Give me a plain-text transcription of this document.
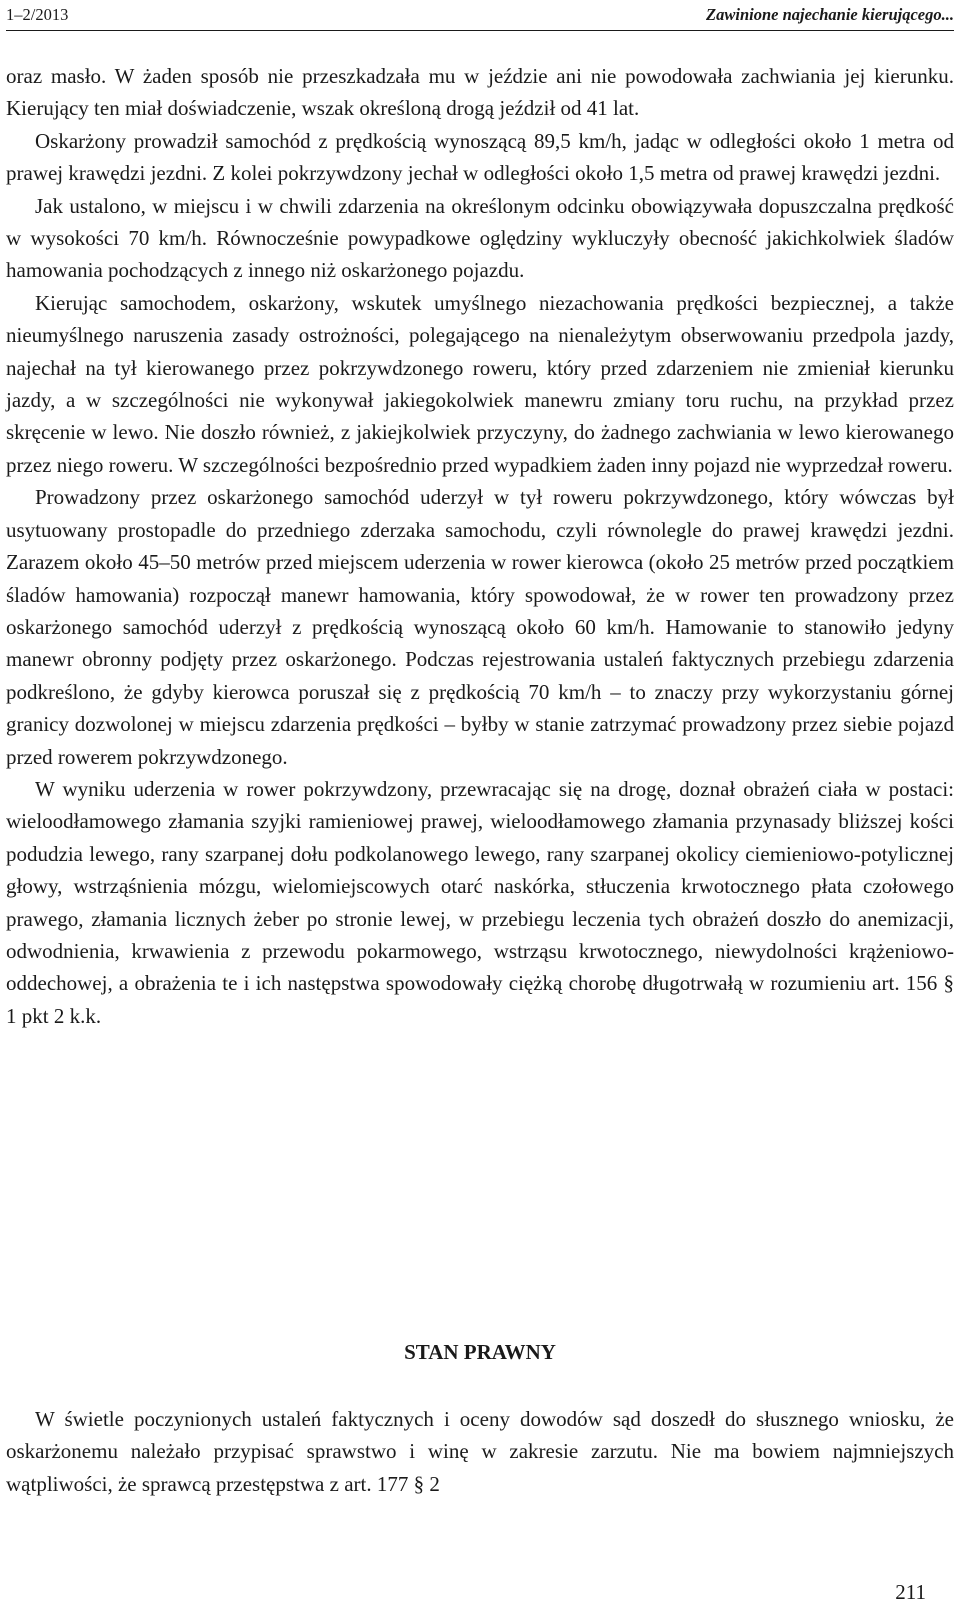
1–2/2013	Zawinione najechanie kierującego...

oraz masło. W żaden sposób nie przeszkadzała mu w jeździe ani nie powodowała zachwiania jej kierunku. Kierujący ten miał doświadczenie, wszak określoną drogą jeździł od 41 lat.

Oskarżony prowadził samochód z prędkością wynoszącą 89,5 km/h, jadąc w odległości około 1 metra od prawej krawędzi jezdni. Z kolei pokrzywdzony jechał w odległości około 1,5 metra od prawej krawędzi jezdni.

Jak ustalono, w miejscu i w chwili zdarzenia na określonym odcinku obowiązywała dopuszczalna prędkość w wysokości 70 km/h. Równocześnie powypadkowe oględziny wykluczyły obecność jakichkolwiek śladów hamowania pochodzących z innego niż oskarżonego pojazdu.

Kierując samochodem, oskarżony, wskutek umyślnego niezachowania prędkości bezpiecznej, a także nieumyślnego naruszenia zasady ostrożności, polegającego na nienależytym obserwowaniu przedpola jazdy, najechał na tył kierowanego przez pokrzywdzonego roweru, który przed zdarzeniem nie zmieniał kierunku jazdy, a w szczególności nie wykonywał jakiegokolwiek manewru zmiany toru ruchu, na przykład przez skręcenie w lewo. Nie doszło również, z jakiejkolwiek przyczyny, do żadnego zachwiania w lewo kierowanego przez niego roweru. W szczególności bezpośrednio przed wypadkiem żaden inny pojazd nie wyprzedzał roweru.

Prowadzony przez oskarżonego samochód uderzył w tył roweru pokrzywdzonego, który wówczas był usytuowany prostopadle do przedniego zderzaka samochodu, czyli równolegle do prawej krawędzi jezdni. Zarazem około 45–50 metrów przed miejscem uderzenia w rower kierowca (około 25 metrów przed początkiem śladów hamowania) rozpoczął manewr hamowania, który spowodował, że w rower ten prowadzony przez oskarżonego samochód uderzył z prędkością wynoszącą około 60 km/h. Hamowanie to stanowiło jedyny manewr obronny podjęty przez oskarżonego. Podczas rejestrowania ustaleń faktycznych przebiegu zdarzenia podkreślono, że gdyby kierowca poruszał się z prędkością 70 km/h – to znaczy przy wykorzystaniu górnej granicy dozwolonej w miejscu zdarzenia prędkości – byłby w stanie zatrzymać prowadzony przez siebie pojazd przed rowerem pokrzywdzonego.

W wyniku uderzenia w rower pokrzywdzony, przewracając się na drogę, doznał obrażeń ciała w postaci: wieloodłamowego złamania szyjki ramieniowej prawej, wieloodłamowego złamania przynasady bliższej kości podudzia lewego, rany szarpanej dołu podkolanowego lewego, rany szarpanej okolicy ciemieniowo-potylicznej głowy, wstrząśnienia mózgu, wielomiejscowych otarć naskórka, stłuczenia krwotocznego płata czołowego prawego, złamania licznych żeber po stronie lewej, w przebiegu leczenia tych obrażeń doszło do anemizacji, odwodnienia, krwawienia z przewodu pokarmowego, wstrząsu krwotocznego, niewydolności krążeniowo-oddechowej, a obrażenia te i ich następstwa spowodowały ciężką chorobę długotrwałą w rozumieniu art. 156 § 1 pkt 2 k.k.

STAN PRAWNY

W świetle poczynionych ustaleń faktycznych i oceny dowodów sąd doszedł do słusznego wniosku, że oskarżonemu należało przypisać sprawstwo i winę w zakresie zarzutu. Nie ma bowiem najmniejszych wątpliwości, że sprawcą przestępstwa z art. 177 § 2

211
